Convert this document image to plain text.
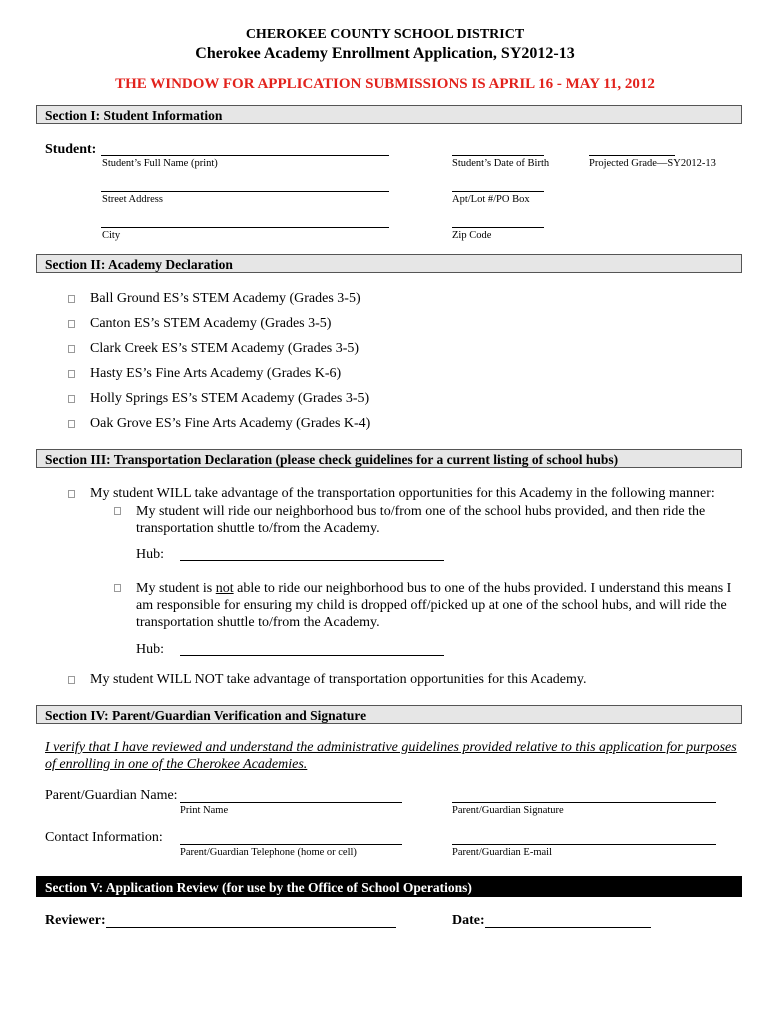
CHEROKEE COUNTY SCHOOL DISTRICT
Cherokee Academy Enrollment Application, SY2012-13
THE WINDOW FOR APPLICATION SUBMISSIONS IS APRIL 16 - MAY 11, 2012
Section I: Student Information
Student:
Student’s Full Name (print)	Student’s Date of Birth	Projected Grade—SY2012-13
Street Address	Apt/Lot #/PO Box
City	Zip Code
Section II: Academy Declaration
Ball Ground ES’s STEM Academy (Grades 3-5)
Canton ES’s STEM Academy (Grades 3-5)
Clark Creek ES’s STEM Academy (Grades 3-5)
Hasty ES’s Fine Arts Academy (Grades K-6)
Holly Springs ES’s STEM Academy (Grades 3-5)
Oak Grove ES’s Fine Arts Academy (Grades K-4)
Section III: Transportation Declaration (please check guidelines for a current listing of school hubs)
My student WILL take advantage of the transportation opportunities for this Academy in the following manner:
My student will ride our neighborhood bus to/from one of the school hubs provided, and then ride the
transportation shuttle to/from the Academy.
Hub:
My student is not able to ride our neighborhood bus to one of the hubs provided. I understand this means I
am responsible for ensuring my child is dropped off/picked up at one of the school hubs, and will ride the
transportation shuttle to/from the Academy.
Hub:
My student WILL NOT take advantage of transportation opportunities for this Academy.
Section IV: Parent/Guardian Verification and Signature
I verify that I have reviewed and understand the administrative guidelines provided relative to this application for purposes
of enrolling in one of the Cherokee Academies.
Parent/Guardian Name:
Print Name	Parent/Guardian Signature
Contact Information:
Parent/Guardian Telephone (home or cell)	Parent/Guardian E-mail
Section V: Application Review (for use by the Office of School Operations)
Reviewer:	Date:
